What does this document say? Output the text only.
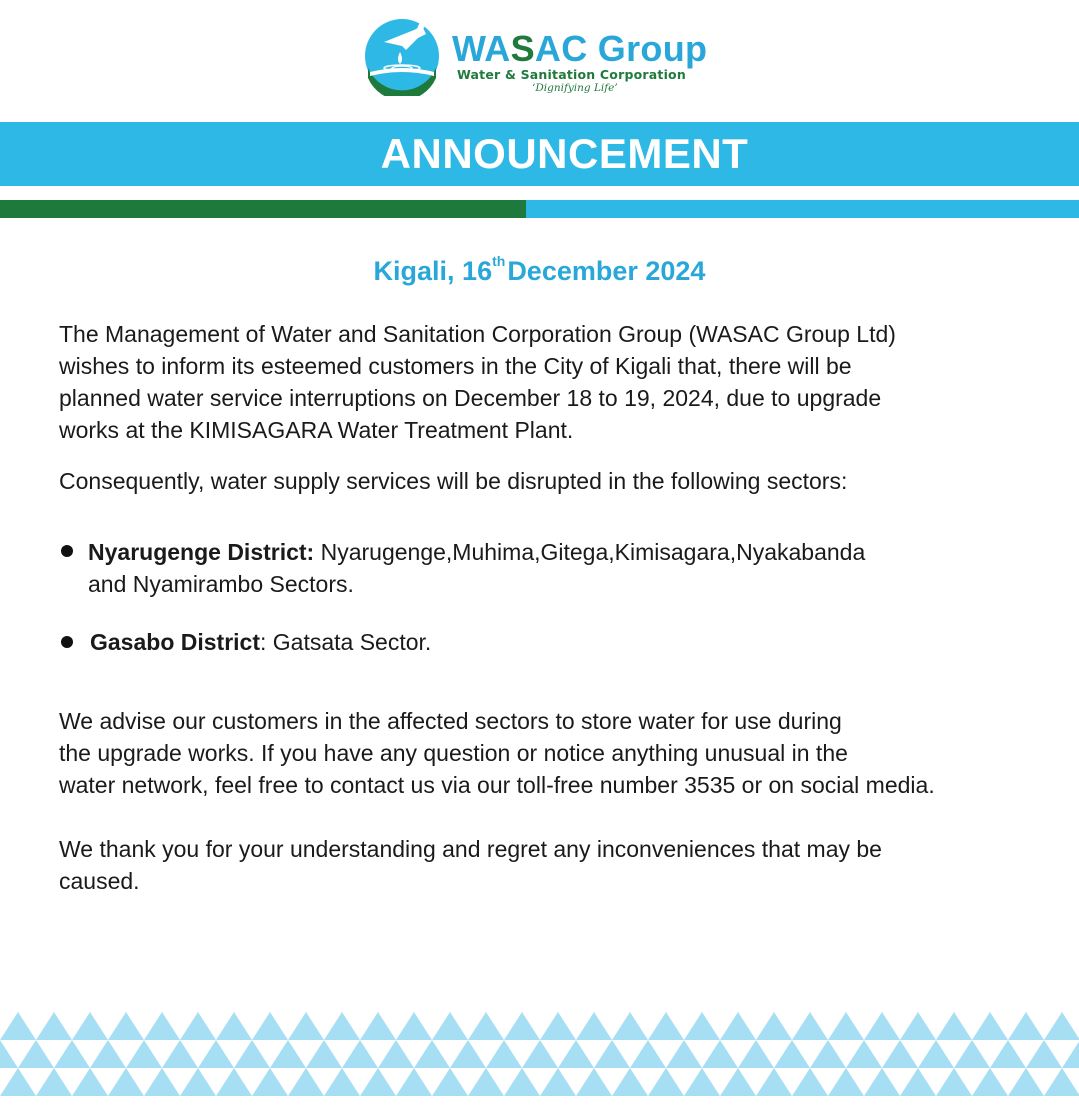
WASAC Group
Water & Sanitation Corporation
‘Dignifying Life’
ANNOUNCEMENT
Kigali, 16thDecember 2024

The Management of Water and Sanitation Corporation Group (WASAC Group Ltd)
wishes to inform its esteemed customers in the City of Kigali that, there will be
planned water service interruptions on December 18 to 19, 2024, due to upgrade
works at the KIMISAGARA Water Treatment Plant.

Consequently, water supply services will be disrupted in the following sectors:

Nyarugenge District: Nyarugenge,Muhima,Gitega,Kimisagara,Nyakabanda
and Nyamirambo Sectors.
Gasabo District: Gatsata Sector.

We advise our customers in the affected sectors to store water for use during
the upgrade works. If you have any question or notice anything unusual in the
water network, feel free to contact us via our toll-free number 3535 or on social media.

We thank you for your understanding and regret any inconveniences that may be
caused.
